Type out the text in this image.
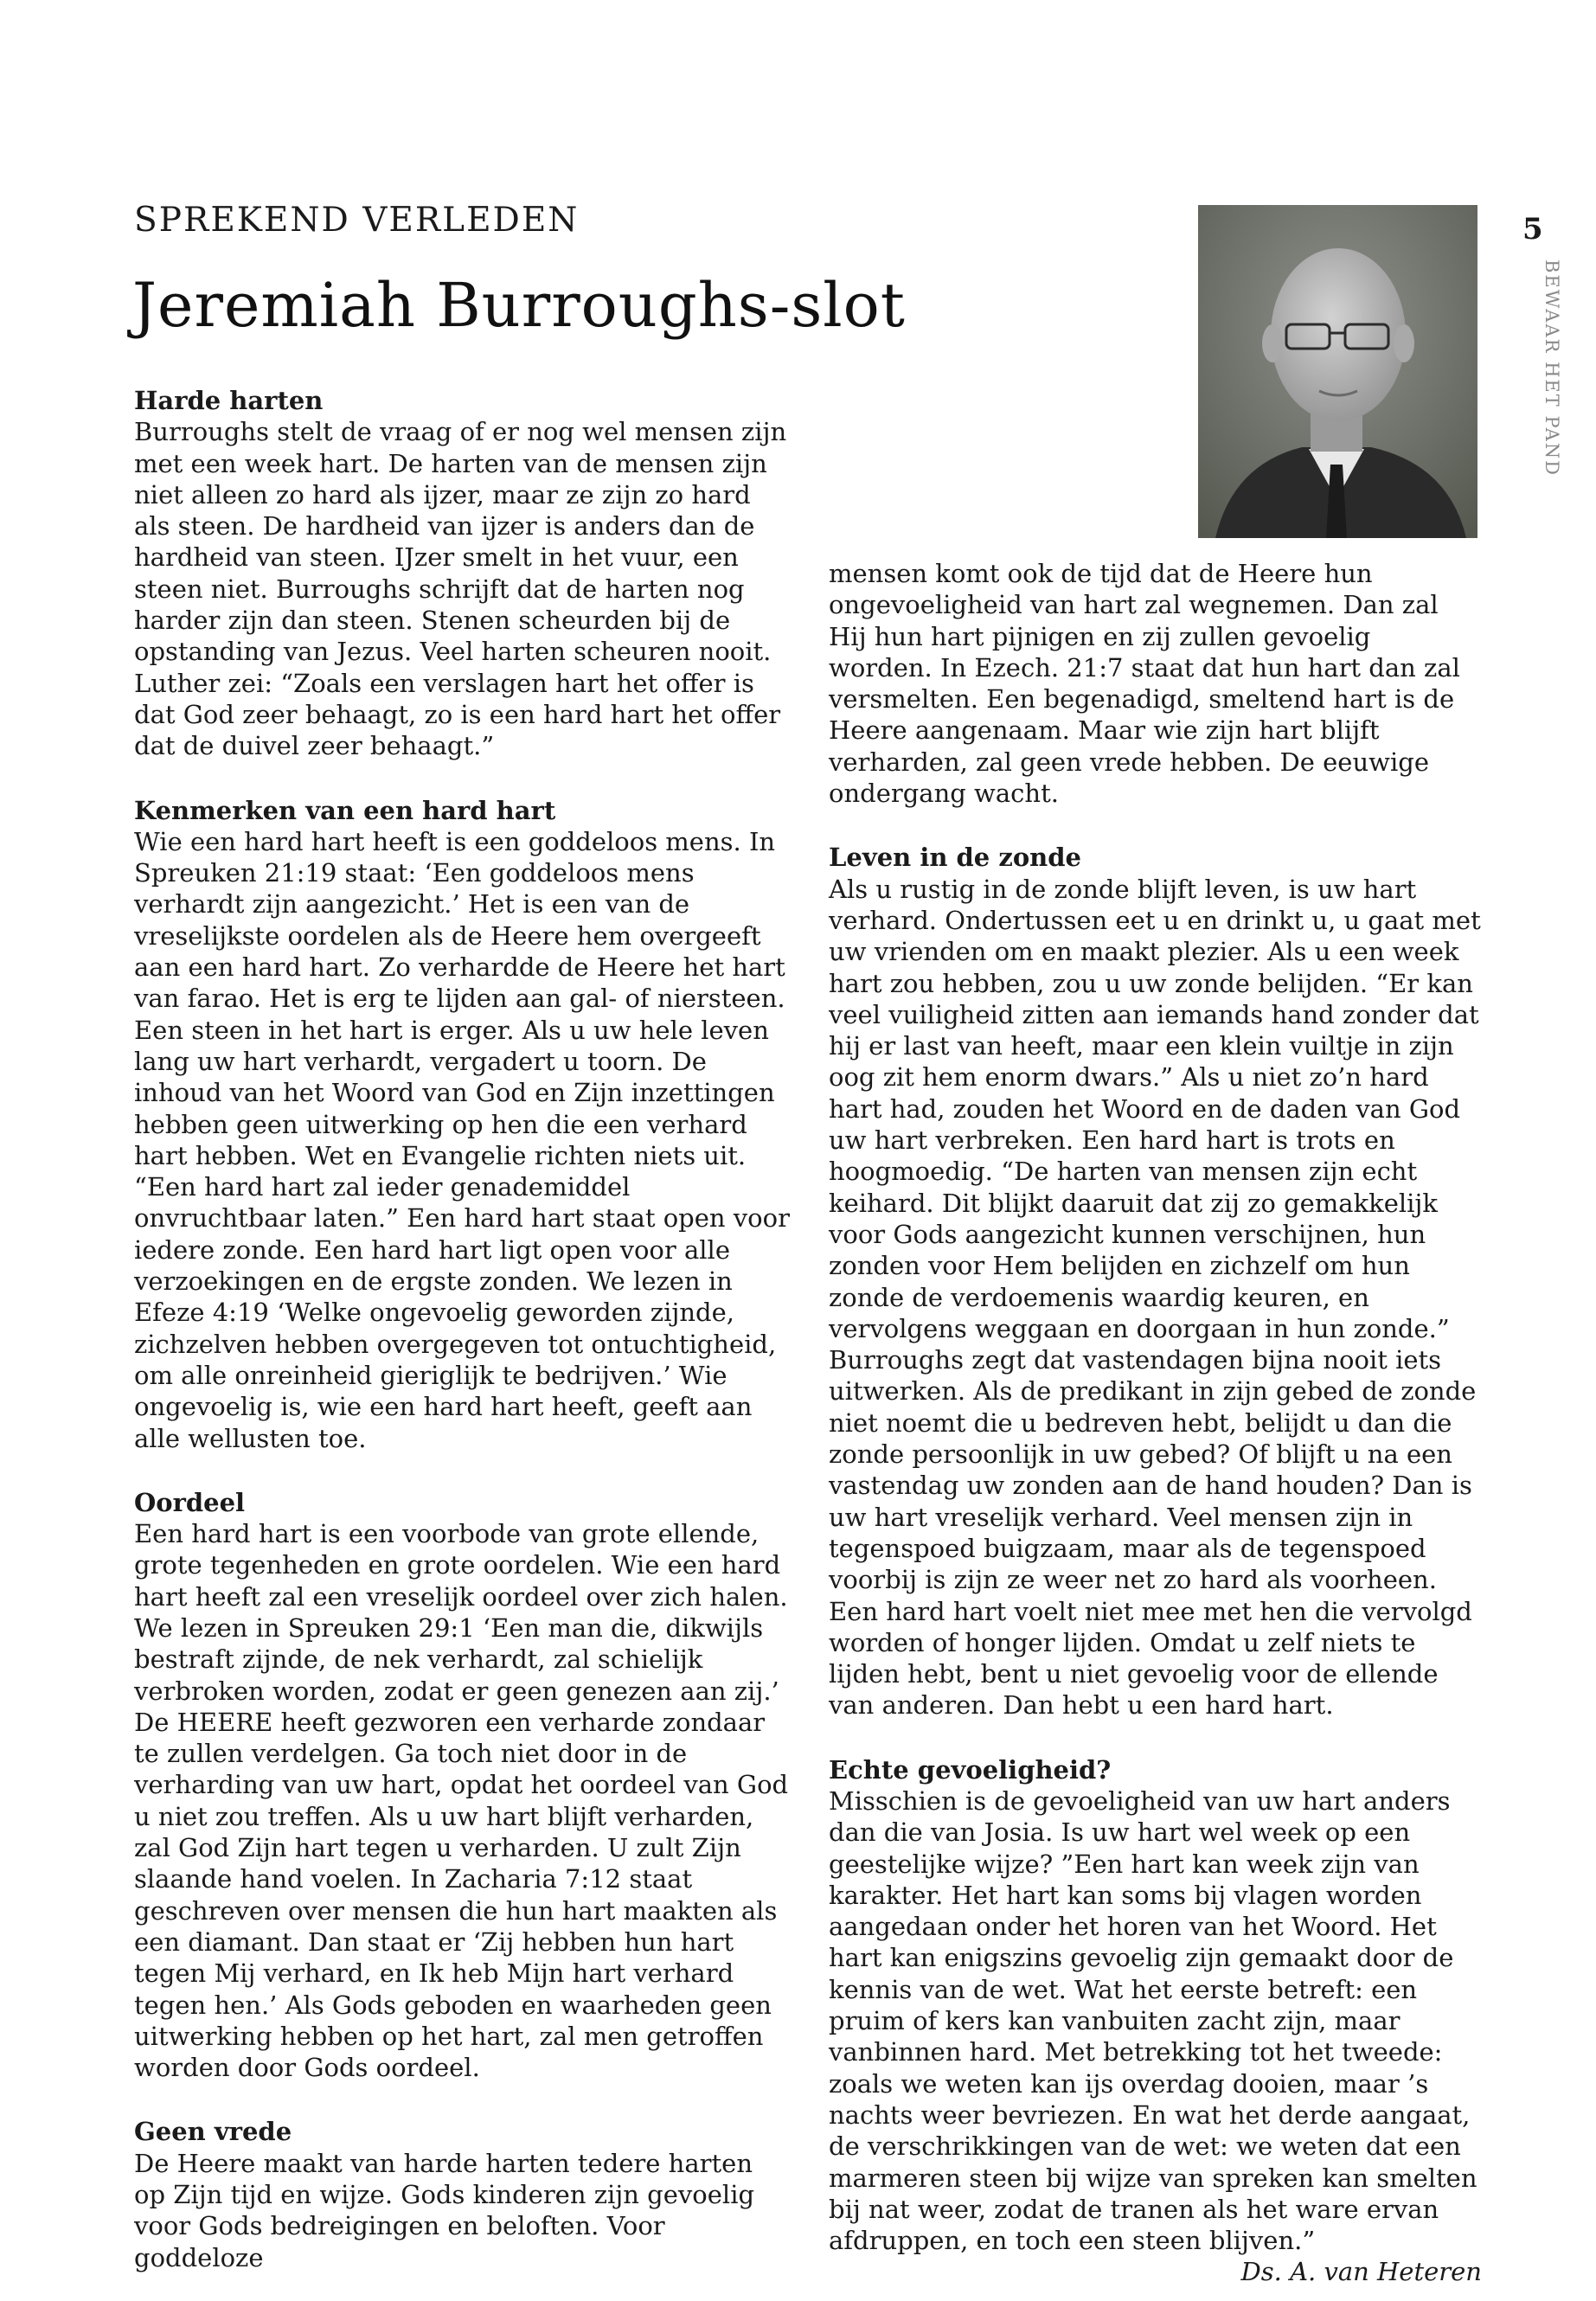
SPREKEND VERLEDEN
Jeremiah Burroughs-slot
5
BEWAAR HET PAND

Harde harten

Burroughs stelt de vraag of er nog wel mensen zijn met een week hart. De harten van de mensen zijn niet alleen zo hard als ijzer, maar ze zijn zo hard als steen. De hardheid van ijzer is anders dan de hardheid van steen. IJzer smelt in het vuur, een steen niet. Burroughs schrijft dat de harten nog harder zijn dan steen. Stenen scheurden bij de opstanding van Jezus. Veel harten scheuren nooit. Luther zei: “Zoals een verslagen hart het offer is dat God zeer behaagt, zo is een hard hart het offer dat de duivel zeer behaagt.”

Kenmerken van een hard hart

Wie een hard hart heeft is een goddeloos mens. In Spreuken 21:19 staat: ‘Een goddeloos mens verhardt zijn aangezicht.’ Het is een van de vreselijkste oordelen als de Heere hem overgeeft aan een hard hart. Zo verhardde de Heere het hart van farao. Het is erg te lijden aan gal- of niersteen. Een steen in het hart is erger. Als u uw hele leven lang uw hart verhardt, vergadert u toorn. De inhoud van het Woord van God en Zijn inzettingen hebben geen uitwerking op hen die een verhard hart hebben. Wet en Evangelie richten niets uit. “Een hard hart zal ieder genademiddel onvruchtbaar laten.” Een hard hart staat open voor iedere zonde. Een hard hart ligt open voor alle verzoekingen en de ergste zonden. We lezen in Efeze 4:19 ‘Welke ongevoelig geworden zijnde, zichzelven hebben overgegeven tot ontuchtigheid, om alle onreinheid gieriglijk te bedrijven.’ Wie ongevoelig is, wie een hard hart heeft, geeft aan alle wellusten toe.

Oordeel

Een hard hart is een voorbode van grote ellende, grote tegenheden en grote oordelen. Wie een hard hart heeft zal een vreselijk oordeel over zich halen. We lezen in Spreuken 29:1 ‘Een man die, dikwijls bestraft zijnde, de nek verhardt, zal schielijk verbroken worden, zodat er geen genezen aan zij.’ De HEERE heeft gezworen een verharde zondaar te zullen verdelgen. Ga toch niet door in de verharding van uw hart, opdat het oordeel van God u niet zou treffen. Als u uw hart blijft verharden, zal God Zijn hart tegen u verharden. U zult Zijn slaande hand voelen. In Zacharia 7:12 staat geschreven over mensen die hun hart maakten als een diamant. Dan staat er ‘Zij hebben hun hart tegen Mij verhard, en Ik heb Mijn hart verhard tegen hen.’ Als Gods geboden en waarheden geen uitwerking hebben op het hart, zal men getroffen worden door Gods oordeel.

Geen vrede

De Heere maakt van harde harten tedere harten op Zijn tijd en wijze. Gods kinderen zijn gevoelig voor Gods bedreigingen en beloften. Voor goddeloze

mensen komt ook de tijd dat de Heere hun ongevoeligheid van hart zal wegnemen. Dan zal Hij hun hart pijnigen en zij zullen gevoelig worden. In Ezech. 21:7 staat dat hun hart dan zal versmelten. Een begenadigd, smeltend hart is de Heere aangenaam. Maar wie zijn hart blijft verharden, zal geen vrede hebben. De eeuwige ondergang wacht.

Leven in de zonde

Als u rustig in de zonde blijft leven, is uw hart verhard. Ondertussen eet u en drinkt u, u gaat met uw vrienden om en maakt plezier. Als u een week hart zou hebben, zou u uw zonde belijden. “Er kan veel vuiligheid zitten aan iemands hand zonder dat hij er last van heeft, maar een klein vuiltje in zijn oog zit hem enorm dwars.” Als u niet zo’n hard hart had, zouden het Woord en de daden van God uw hart verbreken. Een hard hart is trots en hoogmoedig. “De harten van mensen zijn echt keihard. Dit blijkt daaruit dat zij zo gemakkelijk voor Gods aangezicht kunnen verschijnen, hun zonden voor Hem belijden en zichzelf om hun zonde de verdoemenis waardig keuren, en vervolgens weggaan en doorgaan in hun zonde.” Burroughs zegt dat vastendagen bijna nooit iets uitwerken. Als de predikant in zijn gebed de zonde niet noemt die u bedreven hebt, belijdt u dan die zonde persoonlijk in uw gebed? Of blijft u na een vastendag uw zonden aan de hand houden? Dan is uw hart vreselijk verhard. Veel mensen zijn in tegenspoed buigzaam, maar als de tegenspoed voorbij is zijn ze weer net zo hard als voorheen. Een hard hart voelt niet mee met hen die vervolgd worden of honger lijden. Omdat u zelf niets te lijden hebt, bent u niet gevoelig voor de ellende van anderen. Dan hebt u een hard hart.

Echte gevoeligheid?

Misschien is de gevoeligheid van uw hart anders dan die van Josia. Is uw hart wel week op een geestelijke wijze? ”Een hart kan week zijn van karakter. Het hart kan soms bij vlagen worden aangedaan onder het horen van het Woord. Het hart kan enigszins gevoelig zijn gemaakt door de kennis van de wet. Wat het eerste betreft: een pruim of kers kan vanbuiten zacht zijn, maar vanbinnen hard. Met betrekking tot het tweede: zoals we weten kan ijs overdag dooien, maar ’s nachts weer bevriezen. En wat het derde aangaat, de verschrikkingen van de wet: we weten dat een marmeren steen bij wijze van spreken kan smelten bij nat weer, zodat de tranen als het ware ervan afdruppen, en toch een steen blijven.”

Ds. A. van Heteren
